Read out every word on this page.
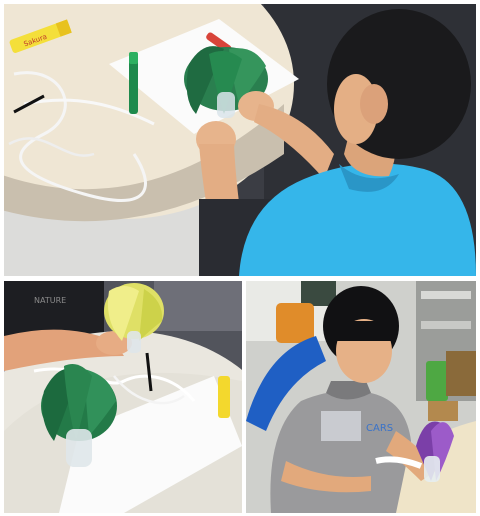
Sakura
NATURE
CARS
